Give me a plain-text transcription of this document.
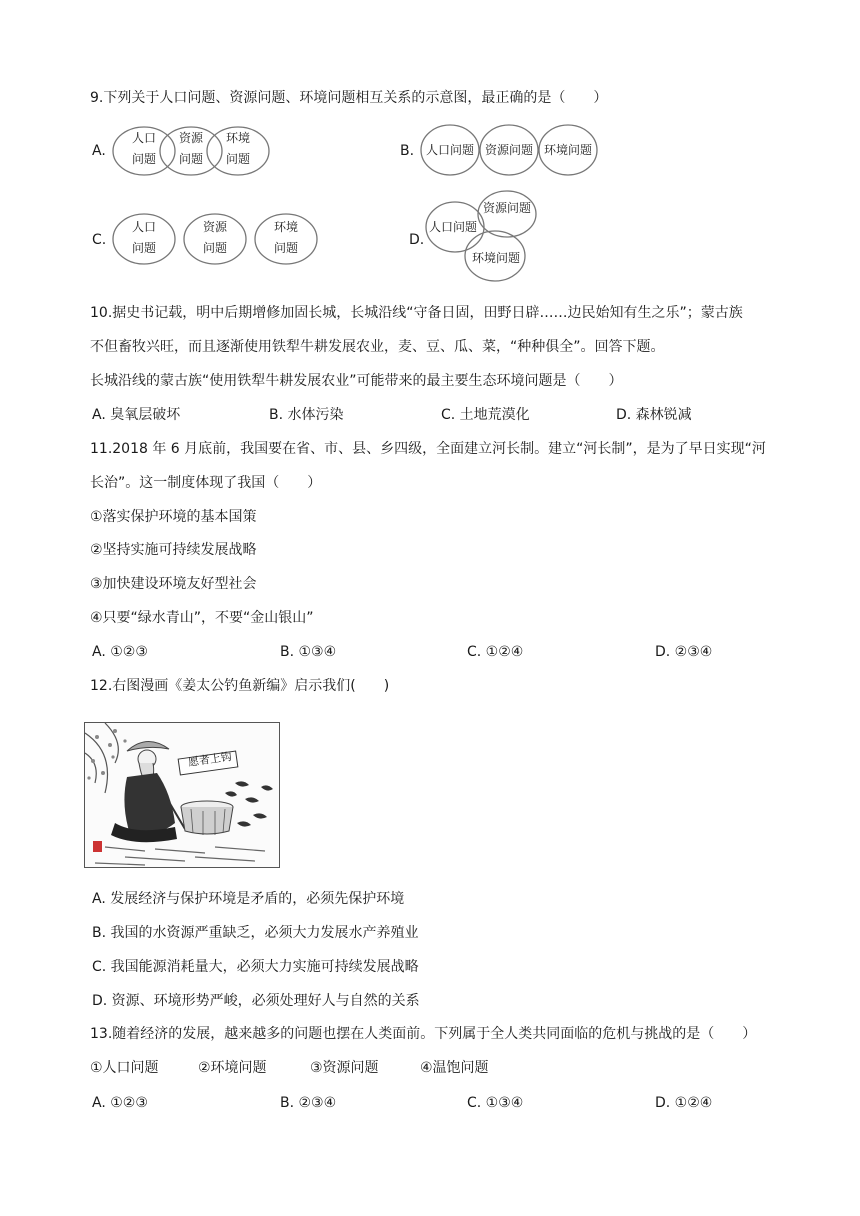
9.下列关于人口问题、资源问题、环境问题相互关系的示意图，最正确的是（　　）
A.
人口
问题
资源
问题
环境
问题	B. 人口问题 资源问题 环境问题
C.
人口
问题
资源
问题
环境
问题	D.
人口问题
资源问题
环境问题
10.据史书记载，明中后期增修加固长城，长城沿线“守备日固，田野日辟……边民始知有生之乐”；蒙古族
不但畜牧兴旺，而且逐渐使用铁犁牛耕发展农业，麦、豆、瓜、菜，“种种俱全”。回答下题。
长城沿线的蒙古族“使用铁犁牛耕发展农业”可能带来的最主要生态环境问题是（　　）
A. 臭氧层破坏	B. 水体污染	C. 土地荒漠化	D. 森林锐减
11.2018 年 6 月底前，我国要在省、市、县、乡四级，全面建立河长制。建立“河长制”，是为了早日实现“河
长治”。这一制度体现了我国（　　）
①落实保护环境的基本国策
②坚持实施可持续发展战略
③加快建设环境友好型社会
④只要“绿水青山”，不要“金山银山”
A. ①②③	B. ①③④	C. ①②④	D. ②③④
12.右图漫画《姜太公钓鱼新编》启示我们(　　)
愿者上钩
A. 发展经济与保护环境是矛盾的，必须先保护环境
B. 我国的水资源严重缺乏，必须大力发展水产养殖业
C. 我国能源消耗量大，必须大力实施可持续发展战略
D. 资源、环境形势严峻，必须处理好人与自然的关系
13.随着经济的发展，越来越多的问题也摆在人类面前。下列属于全人类共同面临的危机与挑战的是（　　）
①人口问题	②环境问题	③资源问题	④温饱问题
A. ①②③	B. ②③④	C. ①③④	D. ①②④
